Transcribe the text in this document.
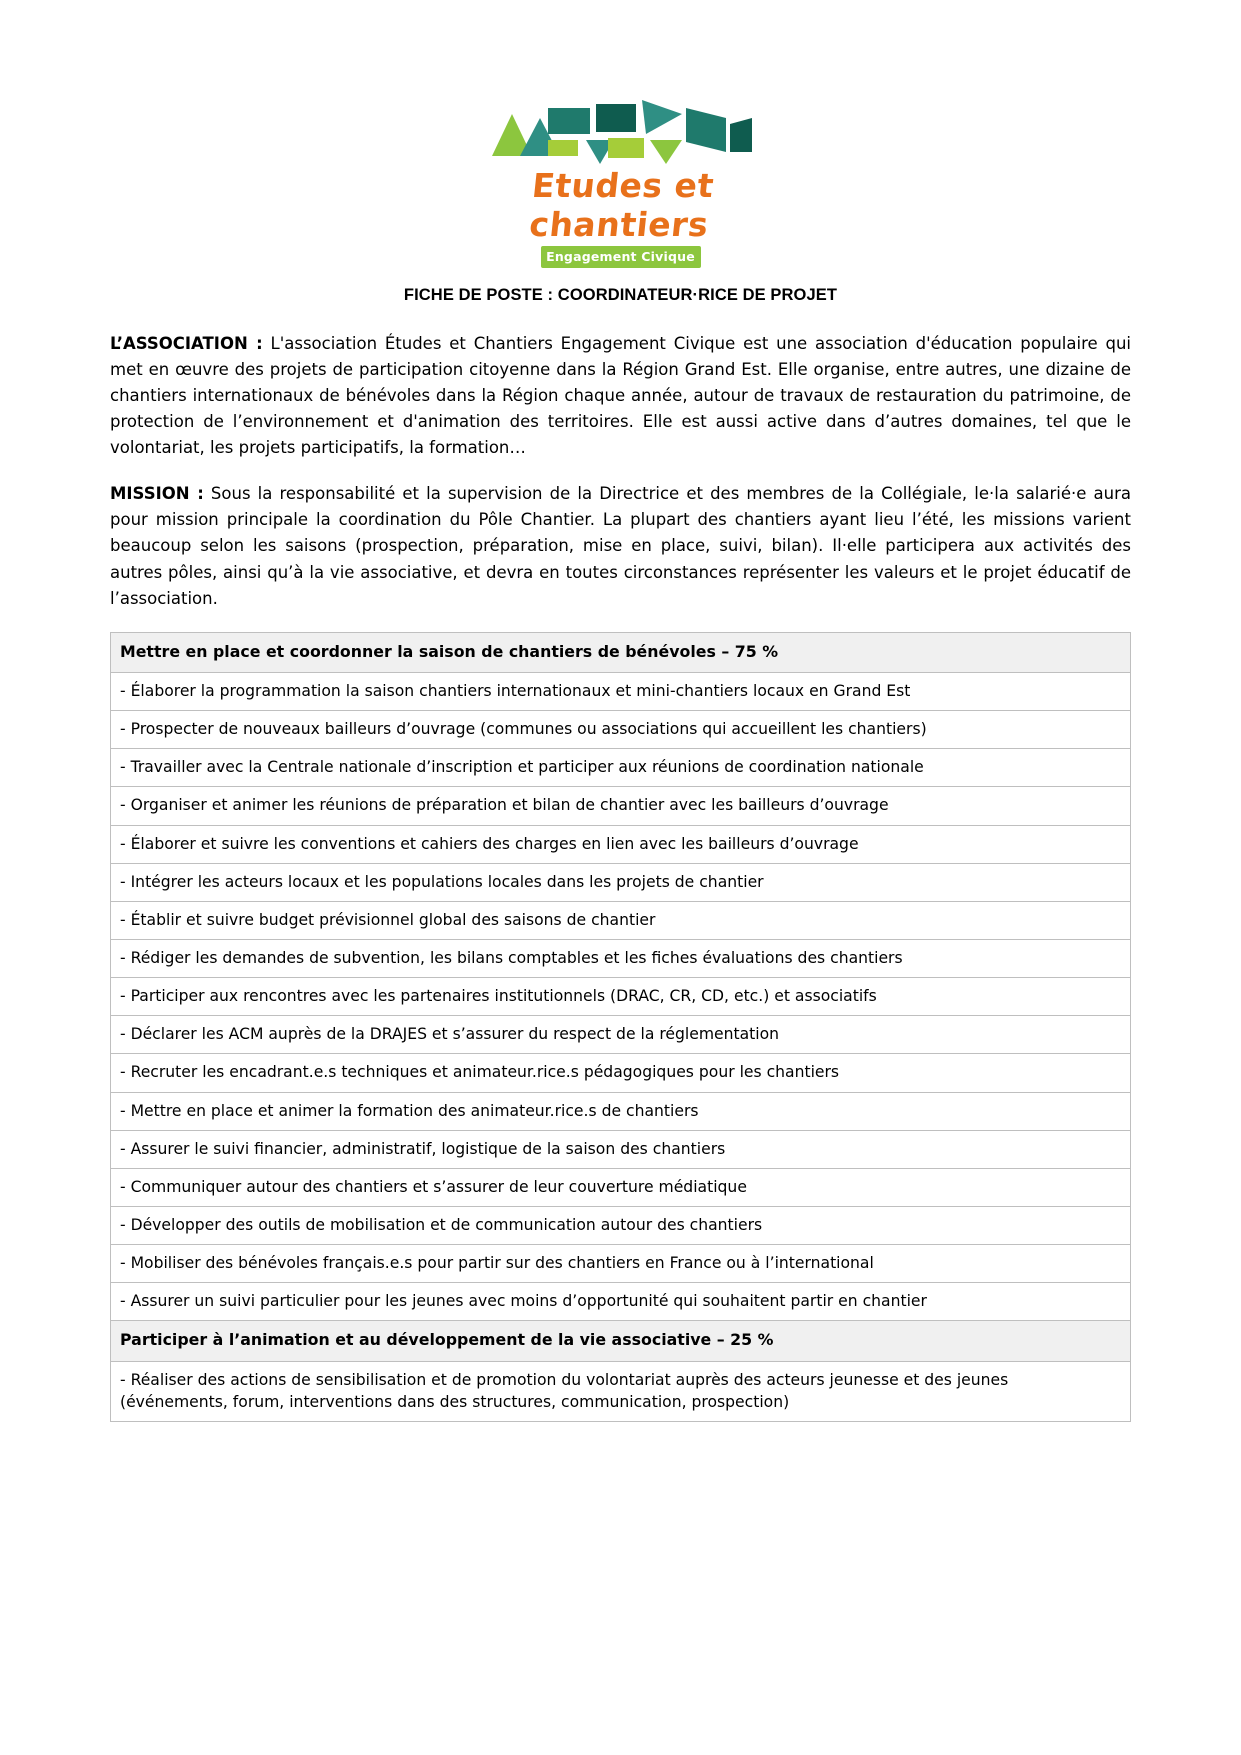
Etudes et chantiers
Engagement Civique
FICHE DE POSTE : COORDINATEUR·RICE DE PROJET

L’ASSOCIATION : L'association Études et Chantiers Engagement Civique est une association d'éducation populaire qui met en œuvre des projets de participation citoyenne dans la Région Grand Est. Elle organise, entre autres, une dizaine de chantiers internationaux de bénévoles dans la Région chaque année, autour de travaux de restauration du patrimoine, de protection de l’environnement et d'animation des territoires. Elle est aussi active dans d’autres domaines, tel que le volontariat, les projets participatifs, la formation…

MISSION : Sous la responsabilité et la supervision de la Directrice et des membres de la Collégiale, le·la salarié·e aura pour mission principale la coordination du Pôle Chantier. La plupart des chantiers ayant lieu l’été, les missions varient beaucoup selon les saisons (prospection, préparation, mise en place, suivi, bilan). Il·elle participera aux activités des autres pôles, ainsi qu’à la vie associative, et devra en toutes circonstances représenter les valeurs et le projet éducatif de l’association.

Mettre en place et coordonner la saison de chantiers de bénévoles – 75 %
- Élaborer la programmation la saison chantiers internationaux et mini-chantiers locaux en Grand Est
- Prospecter de nouveaux bailleurs d’ouvrage (communes ou associations qui accueillent les chantiers)
- Travailler avec la Centrale nationale d’inscription et participer aux réunions de coordination nationale
- Organiser et animer les réunions de préparation et bilan de chantier avec les bailleurs d’ouvrage
- Élaborer et suivre les conventions et cahiers des charges en lien avec les bailleurs d’ouvrage
- Intégrer les acteurs locaux et les populations locales dans les projets de chantier
- Établir et suivre budget prévisionnel global des saisons de chantier
- Rédiger les demandes de subvention, les bilans comptables et les fiches évaluations des chantiers
- Participer aux rencontres avec les partenaires institutionnels (DRAC, CR, CD, etc.) et associatifs
- Déclarer les ACM auprès de la DRAJES et s’assurer du respect de la réglementation
- Recruter les encadrant.e.s techniques et animateur.rice.s pédagogiques pour les chantiers
- Mettre en place et animer la formation des animateur.rice.s de chantiers
- Assurer le suivi financier, administratif, logistique de la saison des chantiers
- Communiquer autour des chantiers et s’assurer de leur couverture médiatique
- Développer des outils de mobilisation et de communication autour des chantiers
- Mobiliser des bénévoles français.e.s pour partir sur des chantiers en France ou à l’international
- Assurer un suivi particulier pour les jeunes avec moins d’opportunité qui souhaitent partir en chantier
Participer à l’animation et au développement de la vie associative – 25 %
- Réaliser des actions de sensibilisation et de promotion du volontariat auprès des acteurs jeunesse et des jeunes (événements, forum, interventions dans des structures, communication, prospection)
